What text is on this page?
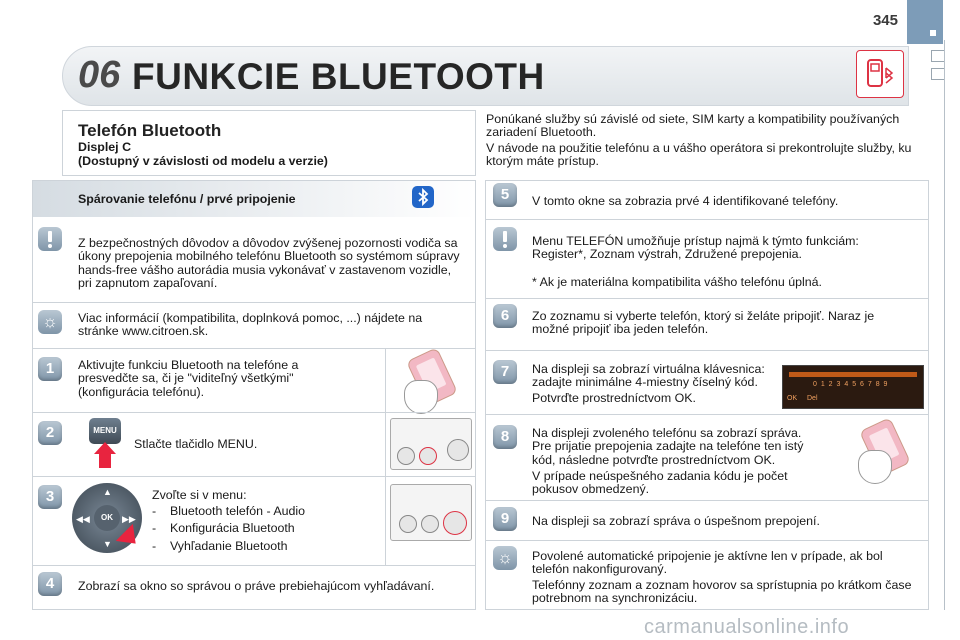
345
06 FUNKCIE BLUETOOTH
Telefón Bluetooth
Displej C
(Dostupný v závislosti od modelu a verzie)
Ponúkané služby sú závislé od siete, SIM karty a kompatibility používaných zariadení Bluetooth.
V návode na použitie telefónu a u vášho operátora si prekontrolujte služby, ku ktorým máte prístup.
Spárovanie telefónu / prvé pripojenie
Z bezpečnostných dôvodov a dôvodov zvýšenej pozornosti vodiča sa úkony prepojenia mobilného telefónu Bluetooth so systémom súpravy hands-free vášho autorádia musia vykonávať v zastavenom vozidle, pri zapnutom zapaľovaní.
☼	Viac informácií (kompatibilita, doplnková pomoc, ...) nájdete na stránke www.citroen.sk.
1	Aktivujte funkciu Bluetooth na telefóne a presvedčte sa, či je "viditeľný všetkými" (konfigurácia telefónu).
2	MENU
Stlačte tlačidlo MENU.
3
OK
◀◀	▶▶
▲
▼
Zvoľte si v menu:
- Bluetooth telefón - Audio
- Konfigurácia Bluetooth
- Vyhľadanie Bluetooth
4	Zobrazí sa okno so správou o práve prebiehajúcom vyhľadávaní.
5	V tomto okne sa zobrazia prvé 4 identifikované telefóny.
Menu TELEFÓN umožňuje prístup najmä k týmto funkciám: Register*, Zoznam výstrah, Združené prepojenia.
* Ak je materiálna kompatibilita vášho telefónu úplná.
6	Zo zoznamu si vyberte telefón, ktorý si želáte pripojiť. Naraz je možné pripojiť iba jeden telefón.
7	Na displeji sa zobrazí virtuálna klávesnica: zadajte minimálne 4-miestny číselný kód.
Potvrďte prostredníctvom OK.
0 1 2 3 4 5 6 7 8 9
OK Del
8	Na displeji zvoleného telefónu sa zobrazí správa. Pre prijatie prepojenia zadajte na telefóne ten istý kód, následne potvrďte prostredníctvom OK.
V prípade neúspešného zadania kódu je počet pokusov obmedzený.
9	Na displeji sa zobrazí správa o úspešnom prepojení.
☼	Povolené automatické pripojenie je aktívne len v prípade, ak bol telefón nakonfigurovaný.
Telefónny zoznam a zoznam hovorov sa sprístupnia po krátkom čase potrebnom na synchronizáciu.
carmanualsonline.info
